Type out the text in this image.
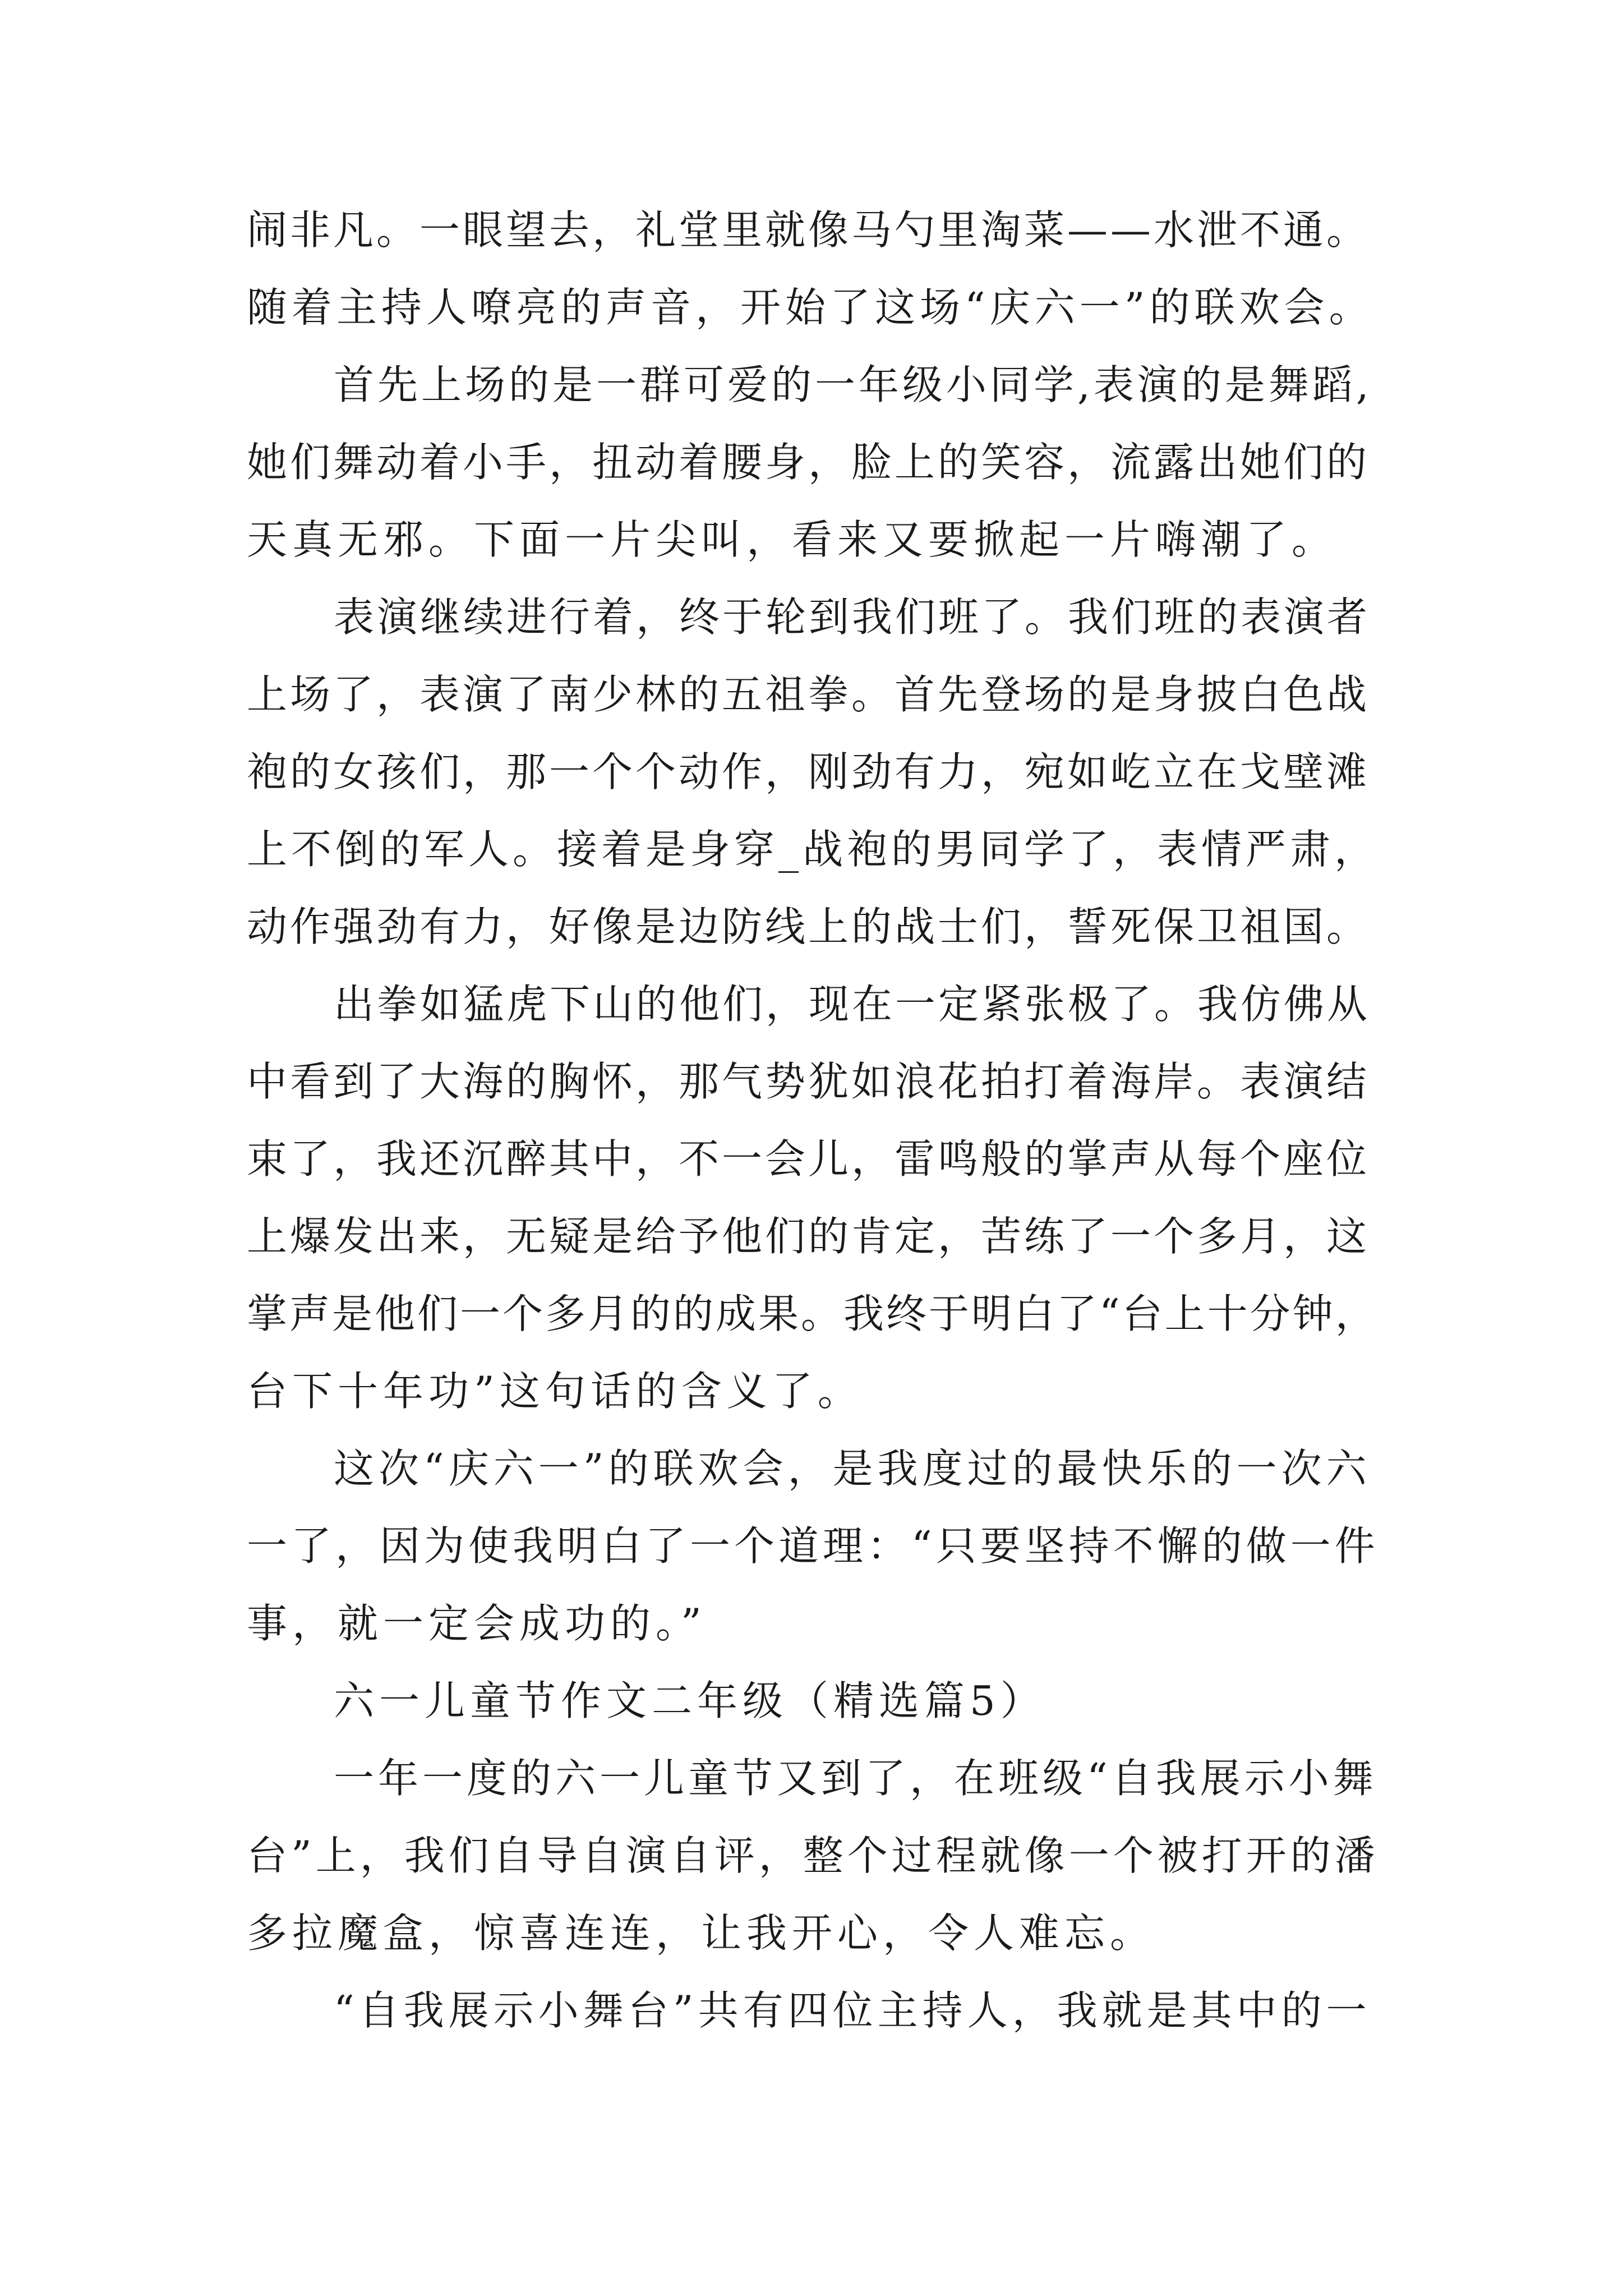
闹非凡。一眼望去，礼堂里就像马勺里淘菜——水泄不通。

随着主持人嘹亮的声音，开始了这场“庆六一”的联欢会。

首先上场的是一群可爱的一年级小同学,表演的是舞蹈,

她们舞动着小手，扭动着腰身，脸上的笑容，流露出她们的

天真无邪。下面一片尖叫，看来又要掀起一片嗨潮了。

表演继续进行着，终于轮到我们班了。我们班的表演者

上场了，表演了南少林的五祖拳。首先登场的是身披白色战

袍的女孩们，那一个个动作，刚劲有力，宛如屹立在戈壁滩

上不倒的军人。接着是身穿_战袍的男同学了，表情严肃，

动作强劲有力，好像是边防线上的战士们，誓死保卫祖国。

出拳如猛虎下山的他们，现在一定紧张极了。我仿佛从

中看到了大海的胸怀，那气势犹如浪花拍打着海岸。表演结

束了，我还沉醉其中，不一会儿，雷鸣般的掌声从每个座位

上爆发出来，无疑是给予他们的肯定，苦练了一个多月，这

掌声是他们一个多月的的成果。我终于明白了“台上十分钟，

台下十年功”这句话的含义了。

这次“庆六一”的联欢会，是我度过的最快乐的一次六

一了，因为使我明白了一个道理：“只要坚持不懈的做一件

事，就一定会成功的。”

六一儿童节作文二年级（精选篇5）

一年一度的六一儿童节又到了，在班级“自我展示小舞

台”上，我们自导自演自评，整个过程就像一个被打开的潘

多拉魔盒，惊喜连连，让我开心，令人难忘。

“自我展示小舞台”共有四位主持人，我就是其中的一
